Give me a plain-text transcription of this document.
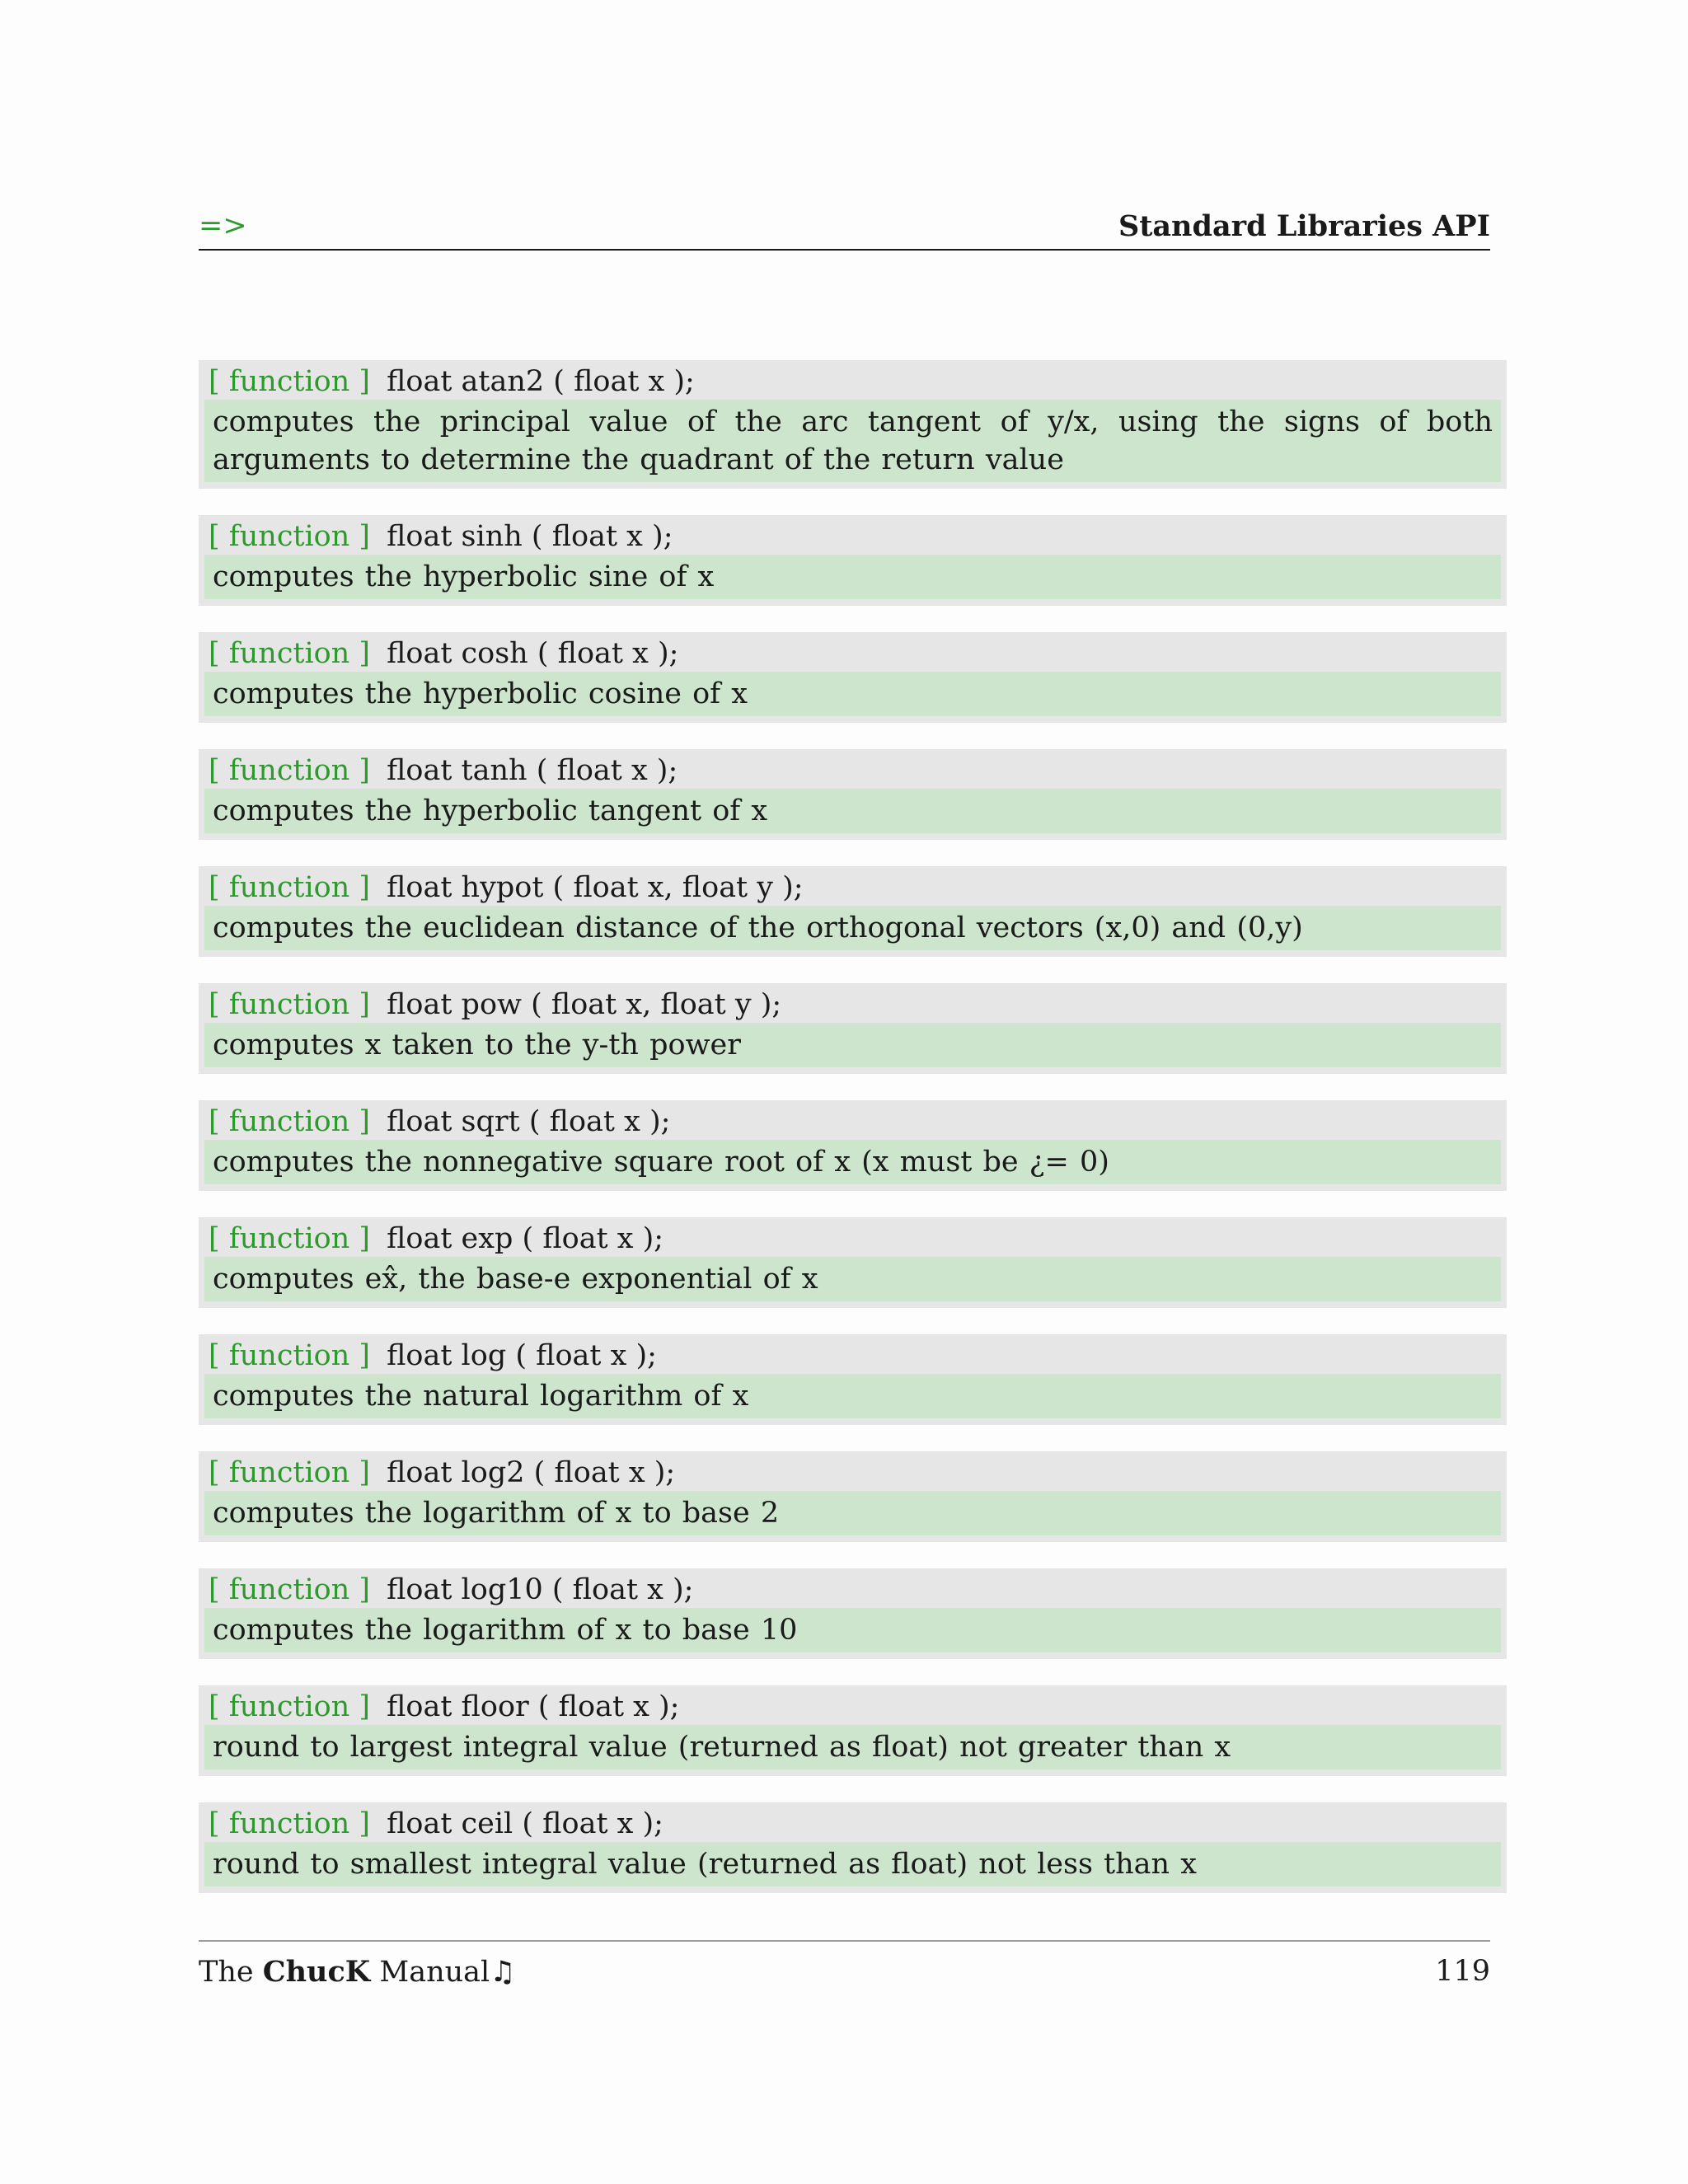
=>	Standard Libraries API
[ function ] float atan2 ( float x );
computes the principal value of the arc tangent of y/x, using the signs of both arguments to determine the quadrant of the return value
[ function ] float sinh ( float x );
computes the hyperbolic sine of x
[ function ] float cosh ( float x );
computes the hyperbolic cosine of x
[ function ] float tanh ( float x );
computes the hyperbolic tangent of x
[ function ] float hypot ( float x, float y );
computes the euclidean distance of the orthogonal vectors (x,0) and (0,y)
[ function ] float pow ( float x, float y );
computes x taken to the y-th power
[ function ] float sqrt ( float x );
computes the nonnegative square root of x (x must be ¿= 0)
[ function ] float exp ( float x );
computes ex̂, the base-e exponential of x
[ function ] float log ( float x );
computes the natural logarithm of x
[ function ] float log2 ( float x );
computes the logarithm of x to base 2
[ function ] float log10 ( float x );
computes the logarithm of x to base 10
[ function ] float floor ( float x );
round to largest integral value (returned as float) not greater than x
[ function ] float ceil ( float x );
round to smallest integral value (returned as float) not less than x
The ChucK Manual♫	119
